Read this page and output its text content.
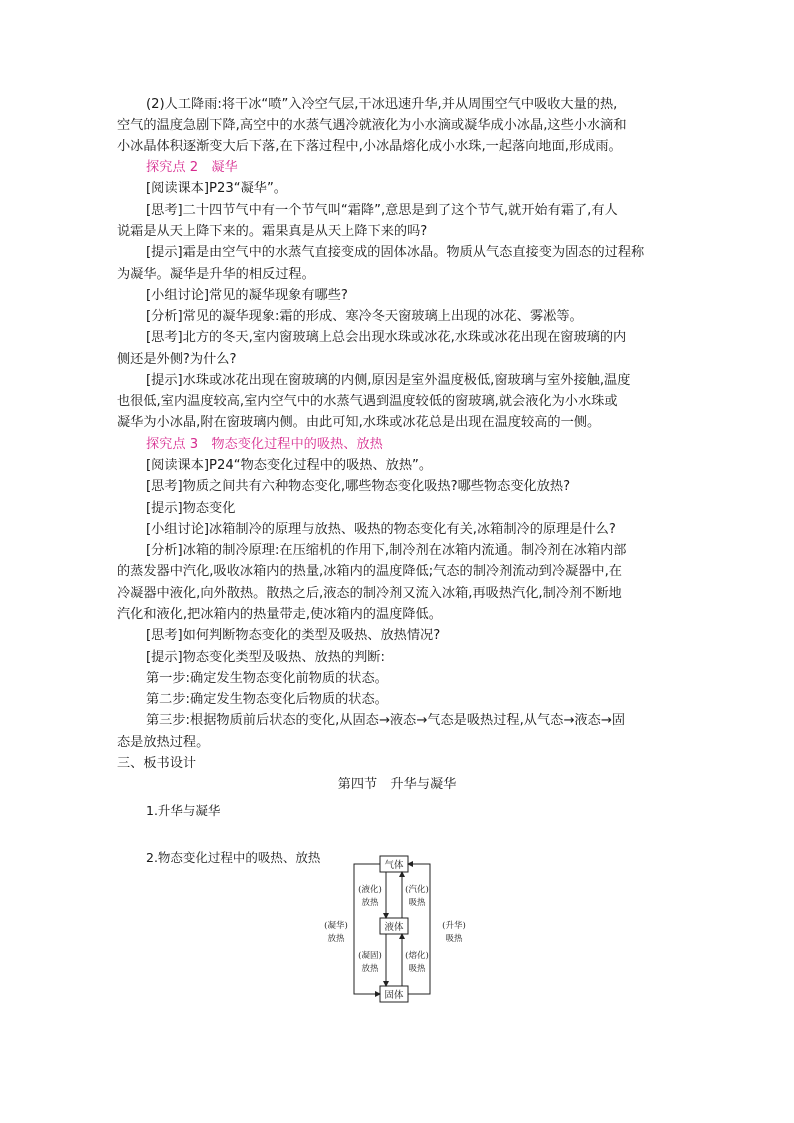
(2)人工降雨:将干冰“喷”入冷空气层,干冰迅速升华,并从周围空气中吸收大量的热,
空气的温度急剧下降,高空中的水蒸气遇冷就液化为小水滴或凝华成小冰晶,这些小水滴和
小冰晶体积逐渐变大后下落,在下落过程中,小冰晶熔化成小水珠,一起落向地面,形成雨。
探究点 2　凝华
[阅读课本]P23“凝华”。
[思考]二十四节气中有一个节气叫“霜降”,意思是到了这个节气,就开始有霜了,有人
说霜是从天上降下来的。霜果真是从天上降下来的吗?
[提示]霜是由空气中的水蒸气直接变成的固体冰晶。物质从气态直接变为固态的过程称
为凝华。凝华是升华的相反过程。
[小组讨论]常见的凝华现象有哪些?
[分析]常见的凝华现象:霜的形成、寒冷冬天窗玻璃上出现的冰花、雾凇等。
[思考]北方的冬天,室内窗玻璃上总会出现水珠或冰花,水珠或冰花出现在窗玻璃的内
侧还是外侧?为什么?
[提示]水珠或冰花出现在窗玻璃的内侧,原因是室外温度极低,窗玻璃与室外接触,温度
也很低,室内温度较高,室内空气中的水蒸气遇到温度较低的窗玻璃,就会液化为小水珠或
凝华为小冰晶,附在窗玻璃内侧。由此可知,水珠或冰花总是出现在温度较高的一侧。
探究点 3　物态变化过程中的吸热、放热
[阅读课本]P24“物态变化过程中的吸热、放热”。
[思考]物质之间共有六种物态变化,哪些物态变化吸热?哪些物态变化放热?
[提示]物态变化
[小组讨论]冰箱制冷的原理与放热、吸热的物态变化有关,冰箱制冷的原理是什么?
[分析]冰箱的制冷原理:在压缩机的作用下,制冷剂在冰箱内流通。制冷剂在冰箱内部
的蒸发器中汽化,吸收冰箱内的热量,冰箱内的温度降低;气态的制冷剂流动到冷凝器中,在
冷凝器中液化,向外散热。散热之后,液态的制冷剂又流入冰箱,再吸热汽化,制冷剂不断地
汽化和液化,把冰箱内的热量带走,使冰箱内的温度降低。
[思考]如何判断物态变化的类型及吸热、放热情况?
[提示]物态变化类型及吸热、放热的判断:
第一步:确定发生物态变化前物质的状态。
第二步:确定发生物态变化后物质的状态。
第三步:根据物质前后状态的变化,从固态→液态→气态是吸热过程,从气态→液态→固
态是放热过程。
三、板书设计
第四节　升华与凝华
1.升华与凝华
2.物态变化过程中的吸热、放热
气体
液体
固体
(液化)
放热
(汽化)
吸热
(凝固)
放热
(熔化)
吸热
(凝华)
放热
(升华)
吸热
